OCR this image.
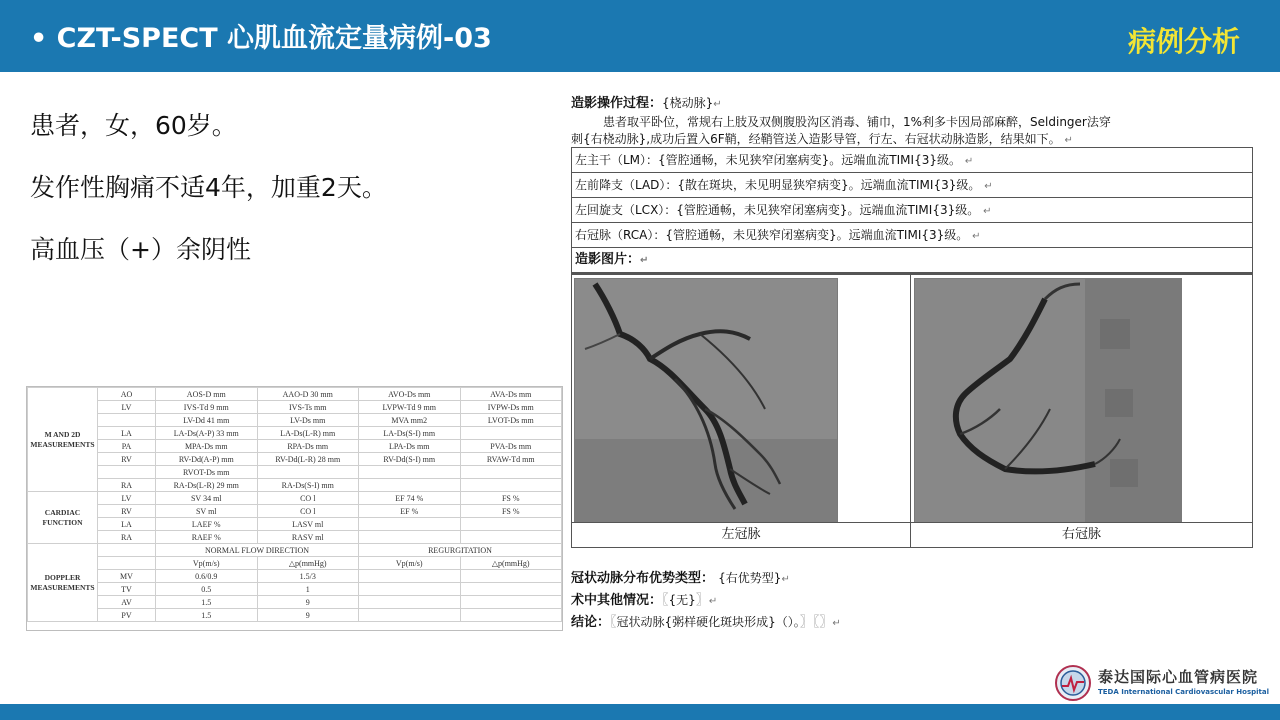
• CZT-SPECT 心肌血流定量病例-03	病例分析
患者，女，60岁。
发作性胸痛不适4年，加重2天。
高血压（+）余阴性
M AND 2D MEASUREMENTS	AO	AOS-D mm	AAO-D 30 mm	AVO-Ds mm	AVA-Ds mm
	LV	IVS-Td 9 mm	IVS-Ts mm	LVPW-Td 9 mm	IVPW-Ds mm
		LV-Dd 41 mm	LV-Ds mm	MVA mm2	LVOT-Ds mm
	LA	LA-Ds(A-P) 33 mm	LA-Ds(L-R) mm	LA-Ds(S-I) mm	
	PA	MPA-Ds mm	RPA-Ds mm	LPA-Ds mm	PVA-Ds mm
	RV	RV-Dd(A-P) mm	RV-Dd(L-R) 28 mm	RV-Dd(S-I) mm	RVAW-Td mm
		RVOT-Ds mm			
	RA	RA-Ds(L-R) 29 mm	RA-Ds(S-I) mm		
CARDIAC FUNCTION	LV	SV 34 ml	CO l	EF 74 %	FS %
	RV	SV ml	CO l	EF %	FS %
	LA	LAEF %	LASV ml		
	RA	RAEF %	RASV ml		
DOPPLER MEASUREMENTS		NORMAL FLOW DIRECTION		REGURGITATION	
		Vp(m/s)	△p(mmHg)	Vp(m/s)	△p(mmHg)
	MV	0.6/0.9	1.5/3		
	TV	0.5	1		
	AV	1.5	9		
	PV	1.5	9		
造影操作过程：{桡动脉}↵
患者取平卧位，常规右上肢及双侧腹股沟区消毒、铺巾，1%利多卡因局部麻醉，Seldinger法穿
刺{右桡动脉},成功后置入6F鞘，经鞘管送入造影导管，行左、右冠状动脉造影，结果如下。 ↵
左主干（LM）：{管腔通畅，未见狭窄闭塞病变}。远端血流TIMI{3}级。 ↵
左前降支（LAD）：{散在斑块，未见明显狭窄病变}。远端血流TIMI{3}级。 ↵
左回旋支（LCX）：{管腔通畅，未见狭窄闭塞病变}。远端血流TIMI{3}级。 ↵
右冠脉（RCA）：{管腔通畅，未见狭窄闭塞病变}。远端血流TIMI{3}级。 ↵
造影图片：↵
左冠脉	右冠脉
冠状动脉分布优势类型： {右优势型}↵
术中其他情况：〖{无}〗↵
结论：〖冠状动脉{粥样硬化斑块形成}（）。〗〖〗↵
泰达国际心血管病医院
TEDA International Cardiovascular Hospital
